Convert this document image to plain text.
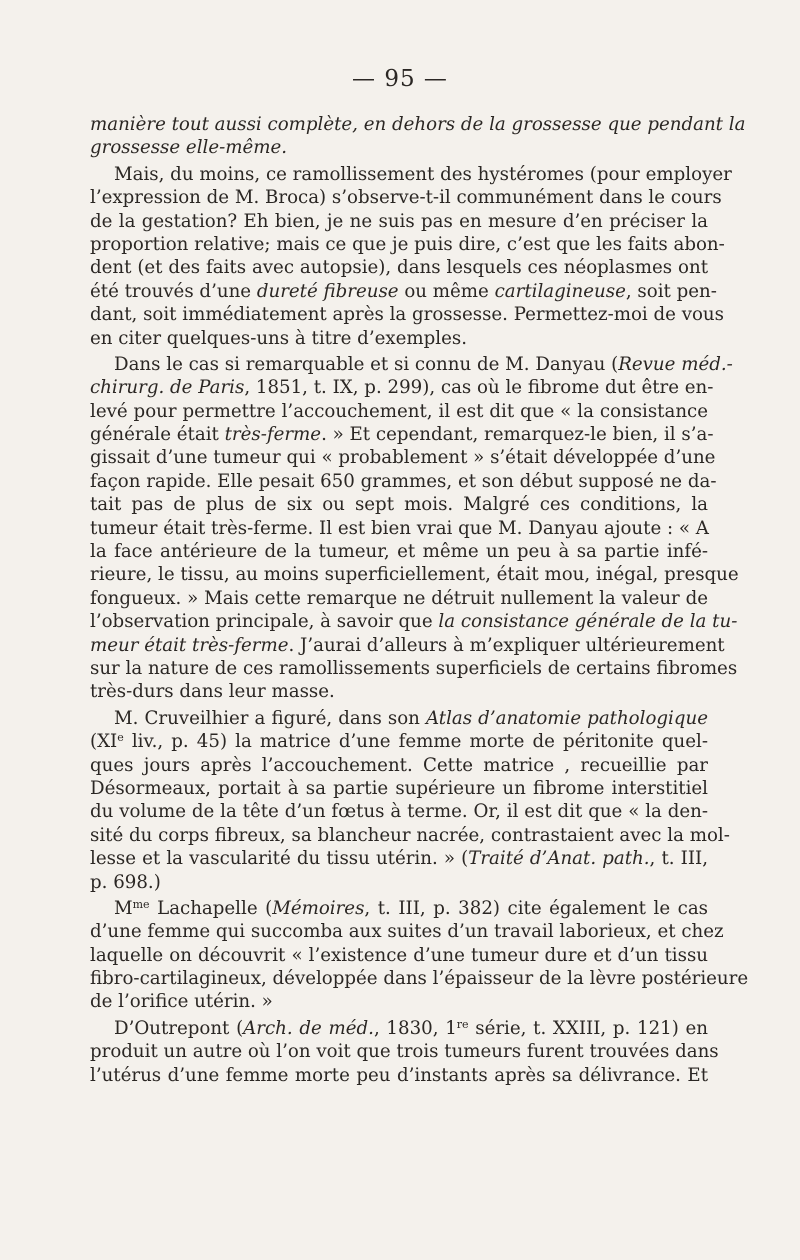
— 95 —
manière tout aussi complète, en dehors de la grossesse que pendant la
grossesse elle-même.
Mais, du moins, ce ramollissement des hystéromes (pour employer
l’expression de M. Broca) s’observe-t-il communément dans le cours
de la gestation? Eh bien, je ne suis pas en mesure d’en préciser la
proportion relative; mais ce que je puis dire, c’est que les faits abon-
dent (et des faits avec autopsie), dans lesquels ces néoplasmes ont
été trouvés d’une dureté fibreuse ou même cartilagineuse, soit pen-
dant, soit immédiatement après la grossesse. Permettez-moi de vous
en citer quelques-uns à titre d’exemples.
Dans le cas si remarquable et si connu de M. Danyau (Revue méd.-
chirurg. de Paris, 1851, t. IX, p. 299), cas où le fibrome dut être en-
levé pour permettre l’accouchement, il est dit que « la consistance
générale était très-ferme. » Et cependant, remarquez-le bien, il s’a-
gissait d’une tumeur qui « probablement » s’était développée d’une
façon rapide. Elle pesait 650 grammes, et son début supposé ne da-
tait pas de plus de six ou sept mois. Malgré ces conditions, la
tumeur était très-ferme. Il est bien vrai que M. Danyau ajoute : « A
la face antérieure de la tumeur, et même un peu à sa partie infé-
rieure, le tissu, au moins superficiellement, était mou, inégal, presque
fongueux. » Mais cette remarque ne détruit nullement la valeur de
l’observation principale, à savoir que la consistance générale de la tu-
meur était très-ferme. J’aurai d’alleurs à m’expliquer ultérieurement
sur la nature de ces ramollissements superficiels de certains fibromes
très-durs dans leur masse.
M. Cruveilhier a figuré, dans son Atlas d’anatomie pathologique
(XIe liv., p. 45) la matrice d’une femme morte de péritonite quel-
ques jours après l’accouchement. Cette matrice , recueillie par
Désormeaux, portait à sa partie supérieure un fibrome interstitiel
du volume de la tête d’un fœtus à terme. Or, il est dit que « la den-
sité du corps fibreux, sa blancheur nacrée, contrastaient avec la mol-
lesse et la vascularité du tissu utérin. » (Traité d’Anat. path., t. III,
p. 698.)
$M^{me}$ Lachapelle (Mémoires, t. III, p. 382) cite également le cas
d’une femme qui succomba aux suites d’un travail laborieux, et chez
laquelle on découvrit « l’existence d’une tumeur dure et d’un tissu
fibro-cartilagineux, développée dans l’épaisseur de la lèvre postérieure
de l’orifice utérin. »
D’Outrepont (Arch. de méd., 1830, 1re série, t. XXIII, p. 121) en
produit un autre où l’on voit que trois tumeurs furent trouvées dans
l’utérus d’une femme morte peu d’instants après sa délivrance. Et
